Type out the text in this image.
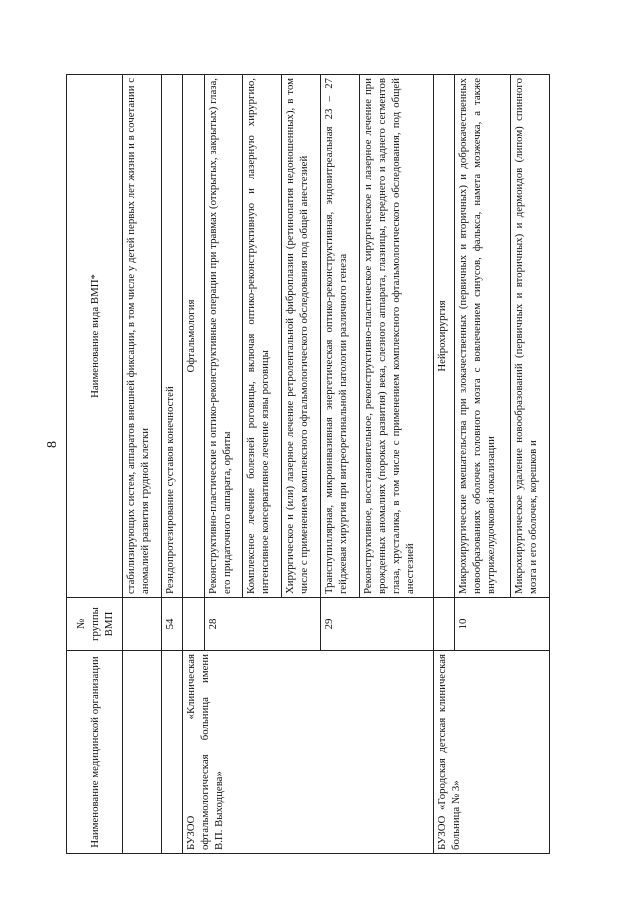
8
Наименование медицинской организации	№ группы ВМП	Наименование вида ВМП*
		стабилизирующих систем, аппаратов внешней фиксации, в том числе у детей первых лет жизни и в сочетании с аномалией развития грудной клетки
	54	Реэндопротезирование суставов конечностей

БУЗОО «Клиническая офтальмологическая больница имени В.П. Выходцева»		Офтальмология
	28	Реконструктивно-пластические и оптико-реконструктивные операции при травмах (открытых, закрытых) глаза, его придаточного аппарата, орбиты
		Комплексное лечение болезней роговицы, включая оптико-реконструктивную и лазерную хирургию, интенсивное консервативное лечение язвы роговицы
		Хирургическое и (или) лазерное лечение ретролентальной фиброплазии (ретинопатия недоношенных), в том числе с применением комплексного офтальмологического обследования под общей анестезией
	29	Транспупиллярная, микроинвазивная энергетическая оптико-реконструктивная, эндовитреальная 23 – 27 гейджевая хирургия при витреоретинальной патологии различного генеза
		Реконструктивное, восстановительное, реконструктивно-пластическое хирургическое и лазерное лечение при врожденных аномалиях (пороках развития) века, слезного аппарата, глазницы, переднего и заднего сегментов глаза, хрусталика, в том числе с применением комплексного офтальмологического обследования, под общей анестезией

БУЗОО «Городская детская клиническая больница № 3»		Нейрохирургия
	10	Микрохирургические вмешательства при злокачественных (первичных и вторичных) и доброкачественных новообразованиях оболочек головного мозга с вовлечением синусов, фалькса, намета мозжечка, а также внутрижелудочковой локализации
		Микрохирургическое удаление новообразований (первичных и вторичных) и дермоидов (липом) спинного мозга и его оболочек, корешков и
